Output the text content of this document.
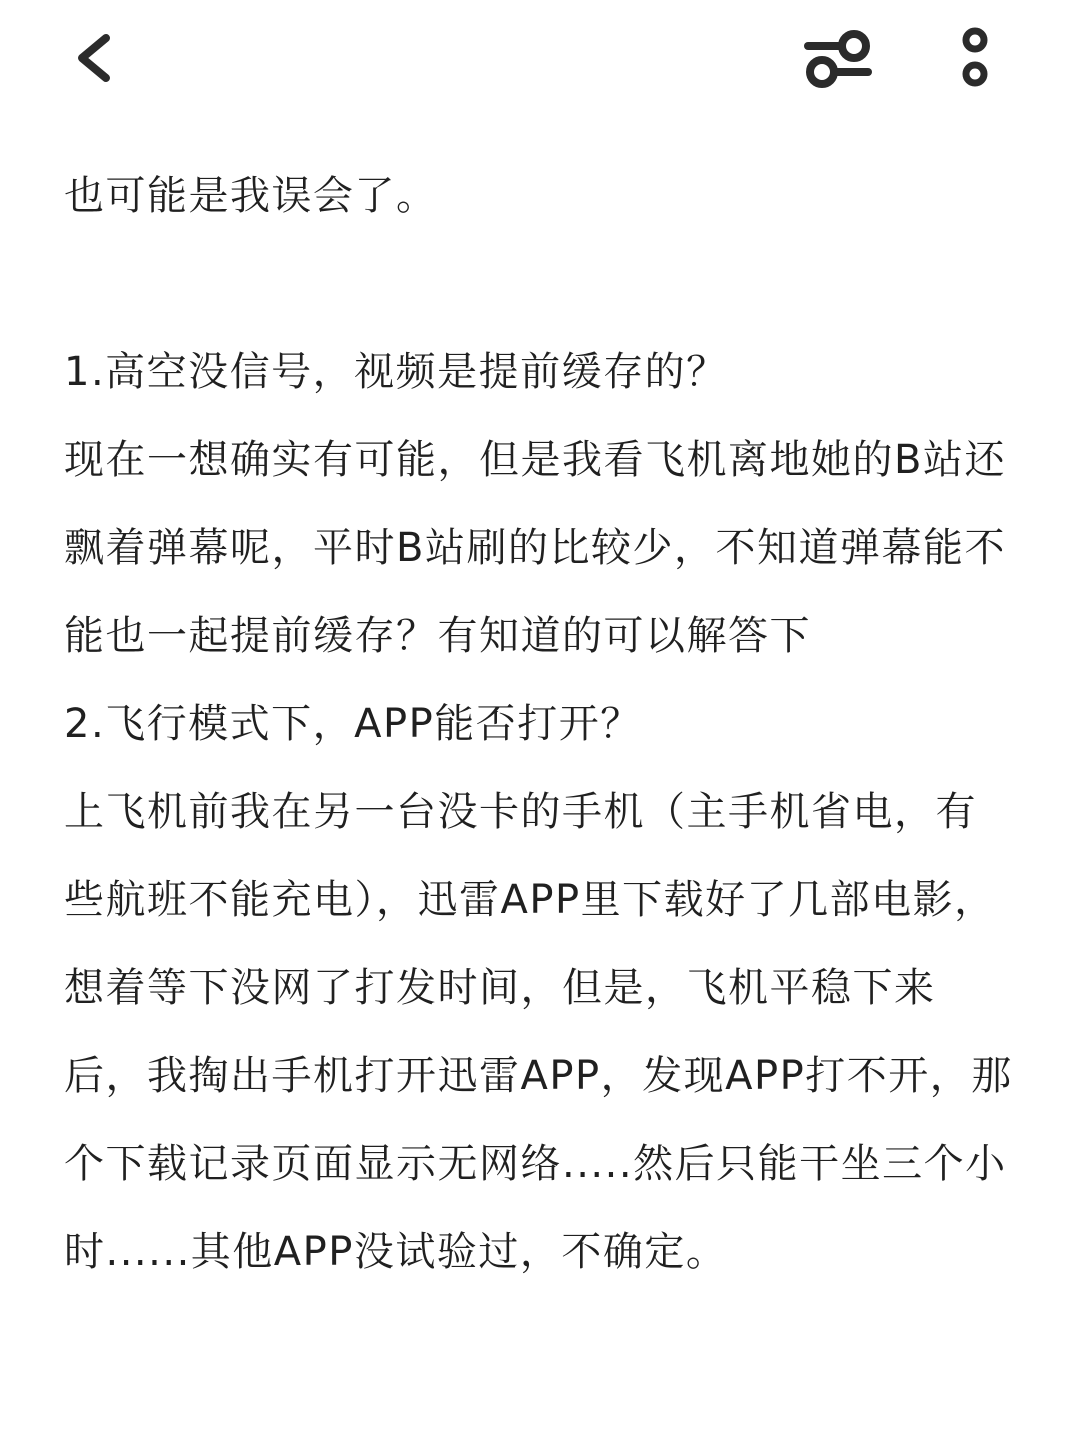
也可能是我误会了。

1.高空没信号，视频是提前缓存的？

现在一想确实有可能，但是我看飞机离地她的B站还飘着弹幕呢，平时B站刷的比较少，不知道弹幕能不能也一起提前缓存？有知道的可以解答下

2.飞行模式下，APP能否打开？

上飞机前我在另一台没卡的手机（主手机省电，有些航班不能充电），迅雷APP里下载好了几部电影，想着等下没网了打发时间，但是，飞机平稳下来后，我掏出手机打开迅雷APP，发现APP打不开，那个下载记录页面显示无网络.....然后只能干坐三个小时......其他APP没试验过，不确定。
